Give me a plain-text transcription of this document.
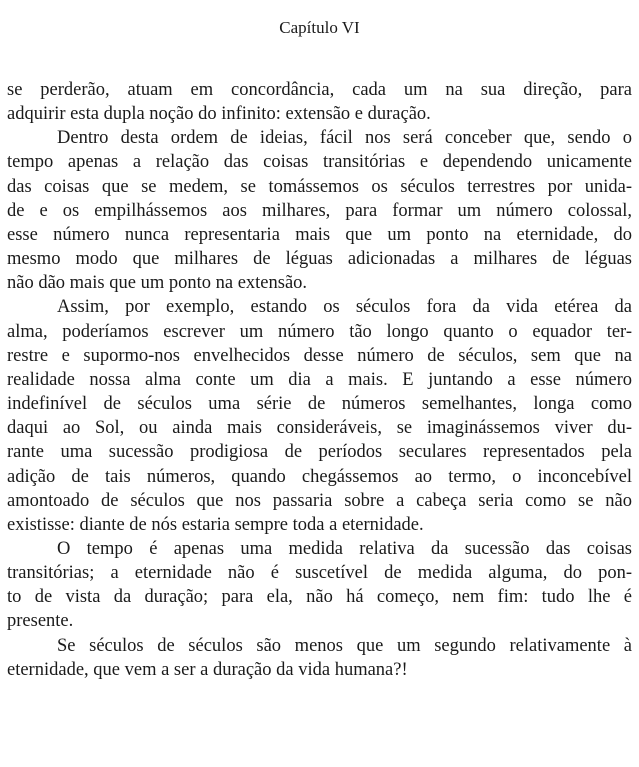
Capítulo VI

se perderão, atuam em concordância, cada um na sua direção, para

adquirir esta dupla noção do infinito: extensão e duração.

Dentro desta ordem de ideias, fácil nos será conceber que, sendo o

tempo apenas a relação das coisas transitórias e dependendo unicamente

das coisas que se medem, se tomássemos os séculos terrestres por unida-

de e os empilhássemos aos milhares, para formar um número colossal,

esse número nunca representaria mais que um ponto na eternidade, do

mesmo modo que milhares de léguas adicionadas a milhares de léguas

não dão mais que um ponto na extensão.

Assim, por exemplo, estando os séculos fora da vida etérea da

alma, poderíamos escrever um número tão longo quanto o equador ter-

restre e supormo-nos envelhecidos desse número de séculos, sem que na

realidade nossa alma conte um dia a mais. E juntando a esse número

indefinível de séculos uma série de números semelhantes, longa como

daqui ao Sol, ou ainda mais consideráveis, se imaginássemos viver du-

rante uma sucessão prodigiosa de períodos seculares representados pela

adição de tais números, quando chegássemos ao termo, o inconcebível

amontoado de séculos que nos passaria sobre a cabeça seria como se não

existisse: diante de nós estaria sempre toda a eternidade.

O tempo é apenas uma medida relativa da sucessão das coisas

transitórias; a eternidade não é suscetível de medida alguma, do pon-

to de vista da duração; para ela, não há começo, nem fim: tudo lhe é

presente.

Se séculos de séculos são menos que um segundo relativamente à

eternidade, que vem a ser a duração da vida humana?!
